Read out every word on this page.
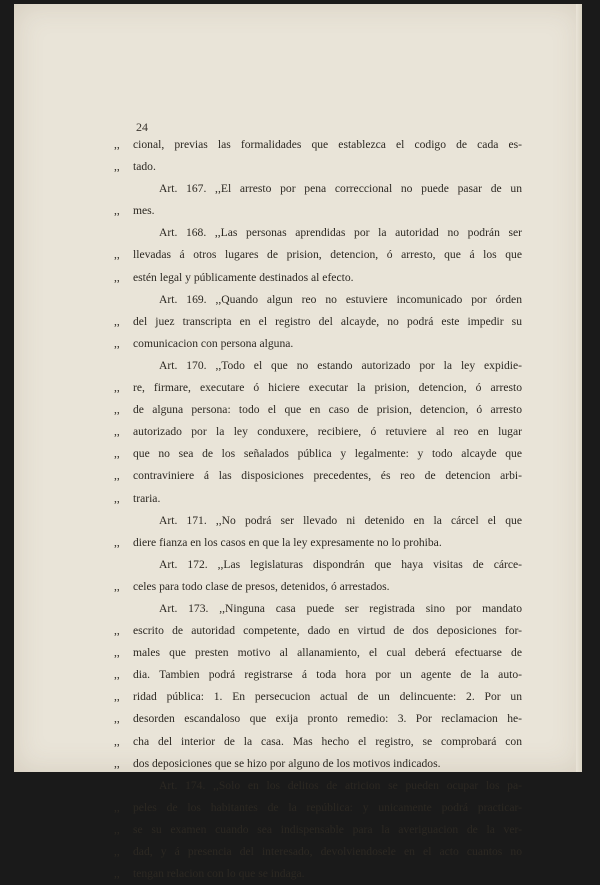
24
,, cional, previas las formalidades que establezca el codigo de cada es-
,, tado.
Art. 167. ,,El arresto por pena correccional no puede pasar de un
,, mes.
Art. 168. ,,Las personas aprendidas por la autoridad no podrán ser
,, llevadas á otros lugares de prision, detencion, ó arresto, que á los que
,, estén legal y públicamente destinados al efecto.
Art. 169. ,,Quando algun reo no estuviere incomunicado por órden
,, del juez transcripta en el registro del alcayde, no podrá este impedir su
,, comunicacion con persona alguna.
Art. 170. ,,Todo el que no estando autorizado por la ley expidie-
,, re, firmare, executare ó hiciere executar la prision, detencion, ó arresto
,, de alguna persona: todo el que en caso de prision, detencion, ó arresto
,, autorizado por la ley conduxere, recibiere, ó retuviere al reo en lugar
,, que no sea de los señalados pública y legalmente: y todo alcayde que
,, contraviniere á las disposiciones precedentes, és reo de detencion arbi-
,, traria.
Art. 171. ,,No podrá ser llevado ni detenido en la cárcel el que
,, diere fianza en los casos en que la ley expresamente no lo prohiba.
Art. 172. ,,Las legislaturas dispondrán que haya visitas de cárce-
,, celes para todo clase de presos, detenidos, ó arrestados.
Art. 173. ,,Ninguna casa puede ser registrada sino por mandato
,, escrito de autoridad competente, dado en virtud de dos deposiciones for-
,, males que presten motivo al allanamiento, el cual deberá efectuarse de
,, dia. Tambien podrá registrarse á toda hora por un agente de la auto-
,, ridad pública: 1. En persecucion actual de un delincuente: 2. Por un
,, desorden escandaloso que exija pronto remedio: 3. Por reclamacion he-
,, cha del interior de la casa. Mas hecho el registro, se comprobará con
,, dos deposiciones que se hizo por alguno de los motivos indicados.
Art. 174. ,,Solo en los delitos de atricion se pueden ocupar los pa-
,, peles de los habitantes de la república: y unicamente podrá practicar-
,, se su examen cuando sea indispensable para la averiguacion de la ver-
,, dad, y á presencia del interesado, devolviendosele en el acto cuantos no
,, tengan relacion con lo que se indaga.
